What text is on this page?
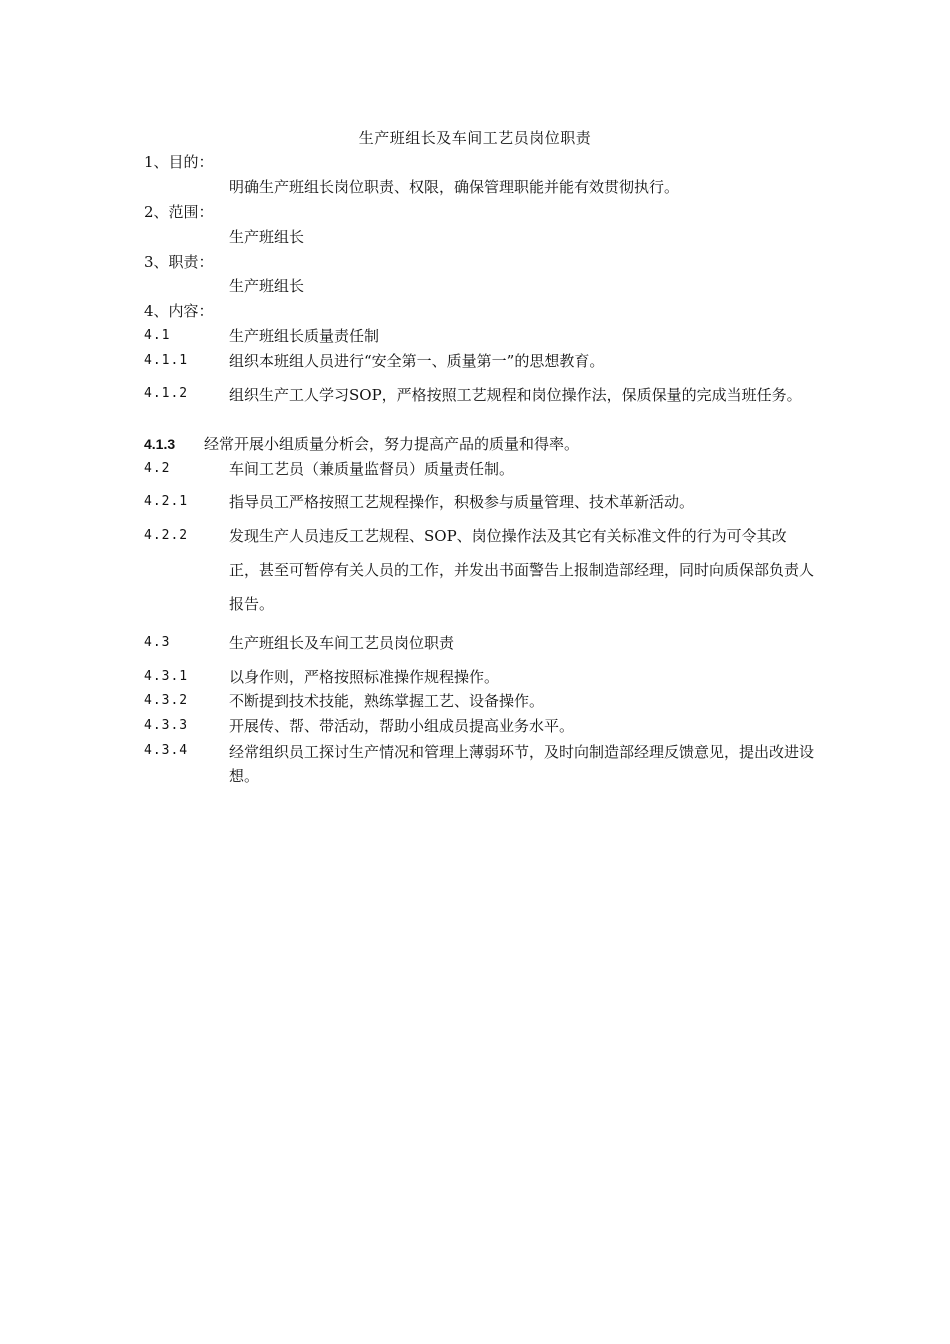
生产班组长及车间工艺员岗位职责
1、目的：
明确生产班组长岗位职责、权限，确保管理职能并能有效贯彻执行。
2、范围：
生产班组长
3、职责：
生产班组长
4、内容：
4.1	生产班组长质量责任制
4.1.1	组织本班组人员进行“安全第一、质量第一”的思想教育。
4.1.2	组织生产工人学习SOP，严格按照工艺规程和岗位操作法，保质保量的完成当班任务。
4.1.3 经常开展小组质量分析会，努力提高产品的质量和得率。
4.2	车间工艺员（兼质量监督员）质量责任制。
4.2.1	指导员工严格按照工艺规程操作，积极参与质量管理、技术革新活动。
4.2.2	发现生产人员违反工艺规程、SOP、岗位操作法及其它有关标准文件的行为可令其改正，甚至可暂停有关人员的工作，并发出书面警告上报制造部经理，同时向质保部负责人报告。
4.3	生产班组长及车间工艺员岗位职责
4.3.1	以身作则，严格按照标准操作规程操作。
4.3.2	不断提到技术技能，熟练掌握工艺、设备操作。
4.3.3	开展传、帮、带活动，帮助小组成员提高业务水平。
4.3.4	经常组织员工探讨生产情况和管理上薄弱环节，及时向制造部经理反馈意见，提出改进设想。
